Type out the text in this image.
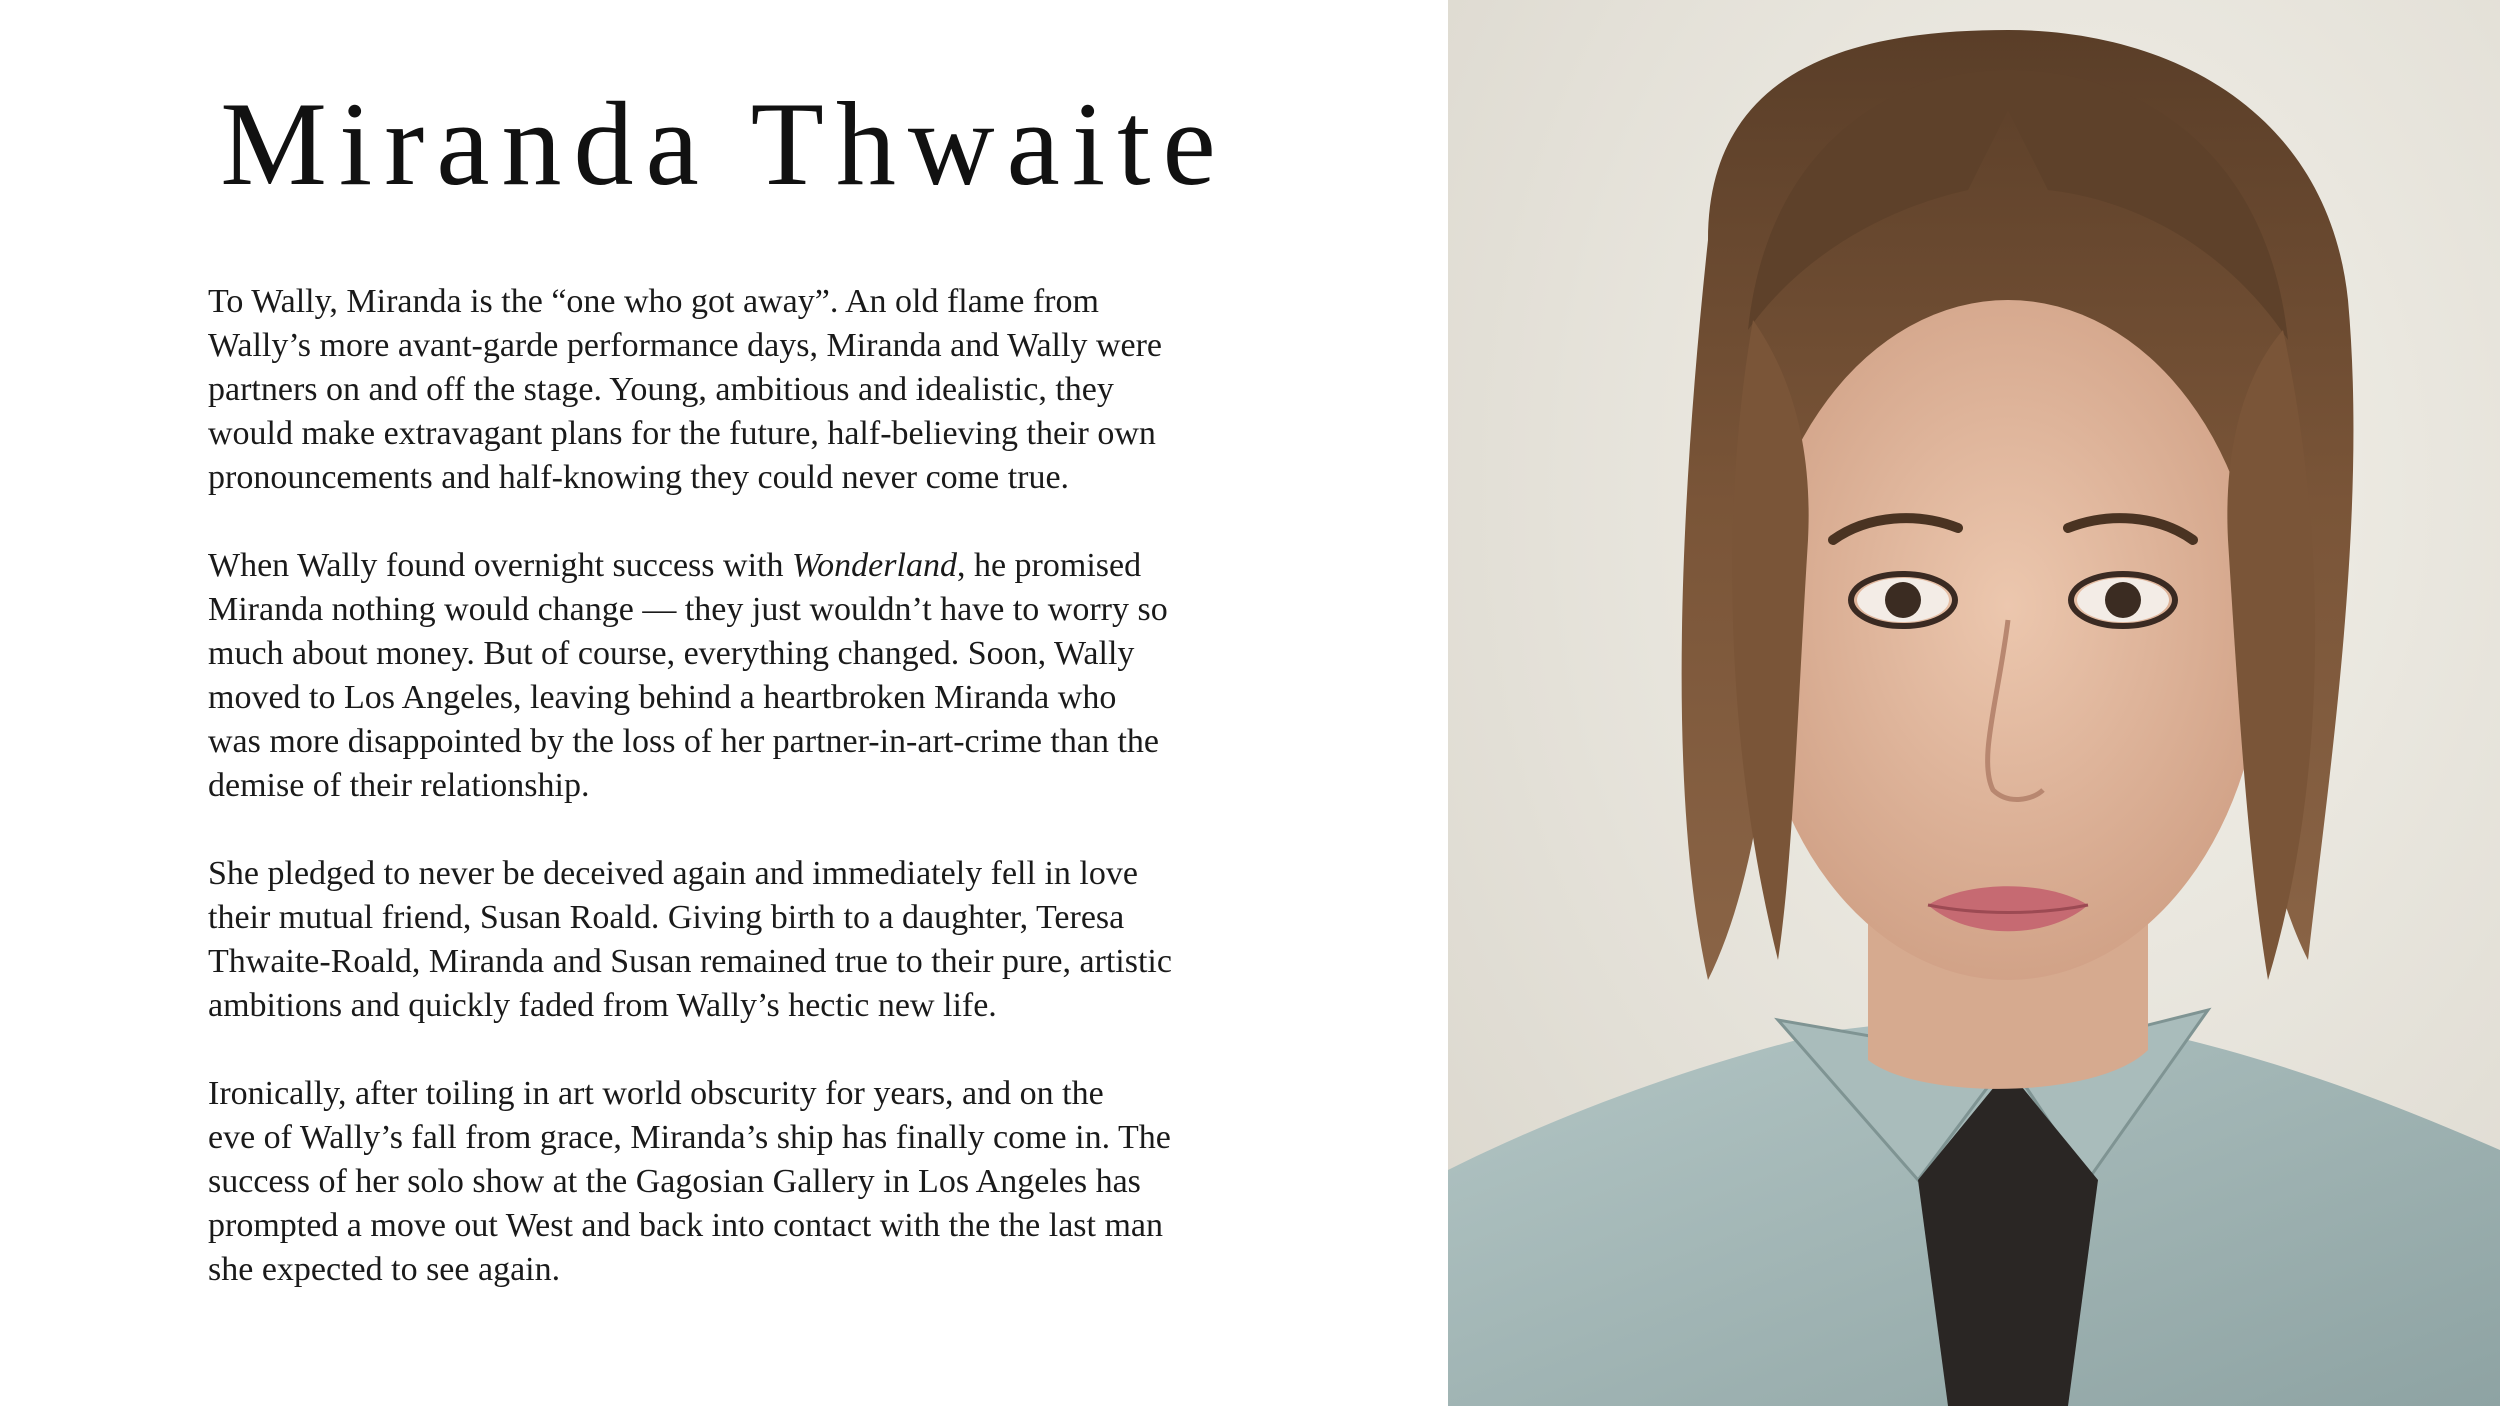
Miranda Thwaite

To Wally, Miranda is the “one who got away”. An old flame from
Wally’s more avant-garde performance days, Miranda and Wally were
partners on and off the stage. Young, ambitious and idealistic, they
would make extravagant plans for the future, half-believing their own
pronouncements and half-knowing they could never come true.

When Wally found overnight success with Wonderland, he promised
Miranda nothing would change — they just wouldn’t have to worry so
much about money. But of course, everything changed. Soon, Wally
moved to Los Angeles, leaving behind a heartbroken Miranda who
was more disappointed by the loss of her partner-in-art-crime than the
demise of their relationship.

She pledged to never be deceived again and immediately fell in love
their mutual friend, Susan Roald. Giving birth to a daughter, Teresa
Thwaite-Roald, Miranda and Susan remained true to their pure, artistic
ambitions and quickly faded from Wally’s hectic new life.

Ironically, after toiling in art world obscurity for years, and on the
eve of Wally’s fall from grace, Miranda’s ship has finally come in. The
success of her solo show at the Gagosian Gallery in Los Angeles has
prompted a move out West and back into contact with the the last man
she expected to see again.
